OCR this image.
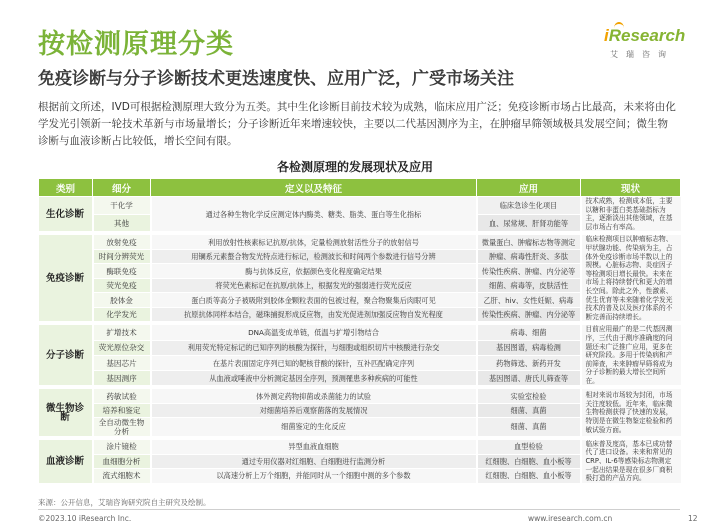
按检测原理分类
免疫诊断与分子诊断技术更迭速度快、应用广泛，广受市场关注
iResearch
艾瑞咨询
根据前文所述，IVD可根据检测原理大致分为五类。其中生化诊断目前技术较为成熟，临床应用广泛；免疫诊断市场占比最高，未来将由化学发光引领新一轮技术革新与市场量增长；分子诊断近年来增速较快，主要以二代基因测序为主，在肿瘤早筛领域极具发展空间；微生物诊断与血液诊断占比较低，增长空间有限。
各检测原理的发展现状及应用
类别	细分	定义以及特征	应用	现状
生化诊断	干化学	通过各种生物化学反应测定体内酶类、糖类、脂类、蛋白等生化指标	临床急诊生化项目	技术成熟，检测成本低，主要以糖和非蛋白类基础指标为主，逐渐淡出其他领域，在基层市场占有率高。
	其他		血、尿常规、肝肾功能等	

免疫诊断	放射免疫	利用放射性核素标记抗原/抗体，定量检测放射活性分子的放射信号	微量蛋白、肿瘤标志物等测定	临床检测项目以肿瘤标志物、甲状腺功能、传染病为主，占体外免疫诊断市场半数以上的规模。心脏标志物、炎症因子等检测项目增长最快。未来在市场上将持续替代和更大的增长空间。除此之外，性激素、优生优育等未来随着化学发光技术的普及以及医疗体系的不断完善而持续增长。
	时间分辨荧光	用镧系元素螯合物发光特点进行标记，检测波长和时间两个参数进行信号分辨	肿瘤、病毒性肝炎、多肽	
	酶联免疫	酶与抗体反应，依据颜色变化程度确定结果	传染性疾病、肿瘤、内分泌等	
	荧光免疫	将荧光色素标记在抗原/抗体上，根据发光的强弱进行荧光反应	细菌、病毒等，皮肤活性	
	胶体金	蛋白质等高分子被吸附到胶体金颗粒表面的包被过程，聚合物聚集后肉眼可见	乙肝、hiv、女性妊娠、病毒	
	化学发光	抗原抗体同样本结合，磁珠捕捉形成反应物，由发光促进剂加强反应物自发光程度	传染性疾病、肿瘤、内分泌等	

分子诊断	扩增技术	DNA高温变成单链，低温与扩增引物结合	病毒、细菌	目前应用最广的是二代基因测序，三代由于测序准确度的问题还未广泛推广应用，更多在研究阶段。多用于传染病和产前筛查，未来肿瘤早筛将成为分子诊断的最大增长空间所在。
	荧光原位杂交	利用荧光特定标记的已知序列的核酸为探针，与细胞或组织切片中核酸进行杂交	基因图谱，病毒检测	
	基因芯片	在基片表面固定序列已知的靶核苷酸的探针，互补匹配确定序列	药物筛选、新药开发	
	基因测序	从血液或唾液中分析测定基因全序列，预测罹患多种疾病的可能性	基因图谱、唐氏儿筛查等	

微生物诊断	药敏试验	体外测定药物抑菌或杀菌能力的试验	实验室检验	相对来说市场较为封闭，市场关注度较低。近年来，临床微生物检测获得了快速的发展，特别是在微生物鉴定检验和药敏试验方面。
	培养和鉴定	对细菌培养后观察菌落的发展情况	细菌、真菌	
	全自动微生物分析	细菌鉴定的生化反应	细菌、真菌	

血液诊断	涂片镜检	异型血液血细胞	血型检验	临床普及度高，基本已成功替代了进口设备。未来和常见的CRP、IL-6等感染标志物测定一起出结果是现在很多厂商积极打造的产品方向。
	血细胞分析	通过专用仪器对红细胞、白细胞进行监测分析	红细胞、白细胞、血小板等	
	流式细胞术	以高速分析上万个细胞，并能同时从一个细胞中测的多个参数	红细胞、白细胞、血小板等	
来源：公开信息，艾瑞咨询研究院自主研究及绘制。
©2023.10 iResearch Inc.	www.iresearch.com.cn	12
